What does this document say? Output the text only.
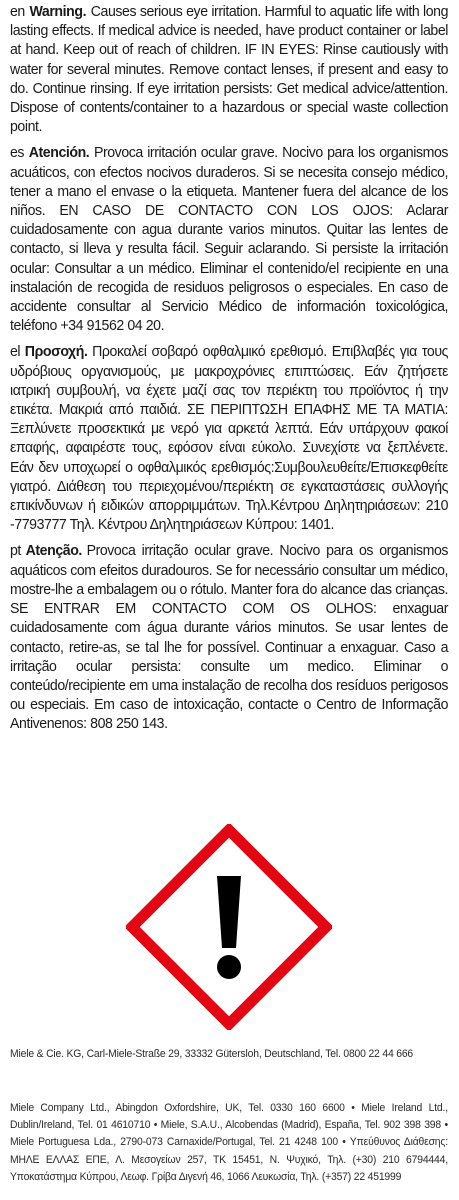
en Warning. Causes serious eye irritation. Harmful to aquatic life with long lasting effects. If medical advice is needed, have product container or label at hand. Keep out of reach of children. IF IN EYES: Rinse cautiously with water for several minutes. Remove contact lenses, if present and easy to do. Continue rinsing. If eye irritation persists: Get medical advice/attention. Dispose of contents/container to a hazardous or special waste collection point.

es Atención. Provoca irritación ocular grave. Nocivo para los organismos acuáticos, con efectos nocivos duraderos. Si se necesita consejo médico, tener a mano el envase o la etiqueta. Mantener fuera del alcance de los niños. EN CASO DE CONTACTO CON LOS OJOS: Aclarar cuidadosamente con agua durante varios minutos. Quitar las lentes de contacto, si lleva y resulta fácil. Seguir aclarando. Si persiste la irritación ocular: Consultar a un médico. Eliminar el contenido/el recipiente en una instalación de recogida de residuos peligrosos o especiales. En caso de accidente consultar al Servicio Médico de información toxicológica, teléfono +34 91562 04 20.

el Προσοχή. Προκαλεί σοβαρό οφθαλμικό ερεθισμό. Επιβλαβές για τους υδρόβιους οργανισμούς, με μακροχρόνιες επιπτώσεις. Εάν ζητήσετε ιατρική συμβουλή, να έχετε μαζί σας τον περιέκτη του προϊόντος ή την ετικέτα. Μακριά από παιδιά. ΣΕ ΠΕΡΙΠΤΩΣΗ ΕΠΑΦΗΣ ΜΕ ΤΑ ΜΑΤΙΑ: Ξεπλύνετε προσεκτικά με νερό για αρκετά λεπτά. Εάν υπάρχουν φακοί επαφής, αφαιρέστε τους, εφόσον είναι εύκολο. Συνεχίστε να ξεπλένετε. Εάν δεν υποχωρεί ο οφθαλμικός ερεθισμός:Συμβουλευθείτε/Επισκεφθείτε γιατρό. Διάθεση του περιεχομένου/περιέκτη σε εγκαταστάσεις συλλογής επικίνδυνων ή ειδικών απορριμμάτων. Τηλ.Κέντρου Δηλητηριάσεων: 210 -7793777 Τηλ. Κέντρου Δηλητηριάσεων Κύπρου: 1401.

pt Atenção. Provoca irritação ocular grave. Nocivo para os organismos aquáticos com efeitos duradouros. Se for necessário consultar um médico, mostre-lhe a embalagem ou o rótulo. Manter fora do alcance das crianças. SE ENTRAR EM CONTACTO COM OS OLHOS: enxaguar cuidadosamente com água durante vários minutos. Se usar lentes de contacto, retire-as, se tal lhe for possível. Continuar a enxaguar. Caso a irritação ocular persista: consulte um medico. Eliminar o conteúdo/recipiente em uma instalação de recolha dos resíduos perigosos ou especiais. Em caso de intoxicação, contacte o Centro de Informação Antivenenos: 808 250 143.

Miele & Cie. KG, Carl-Miele-Straße 29, 33332 Gütersloh, Deutschland, Tel. 0800 22 44 666

Miele Company Ltd., Abingdon Oxfordshire, UK, Tel. 0330 160 6600 • Miele Ireland Ltd., Dublin/Ireland, Tel. 01 4610710 • Miele, S.A.U., Alcobendas (Madrid), España, Tel. 902 398 398 • Miele Portuguesa Lda., 2790-073 Carnaxide/Portugal, Tel. 21 4248 100 • Υπεύθυνος Διάθεσης: ΜΗΛΕ ΕΛΛΑΣ ΕΠΕ, Λ. Μεσογείων 257, ΤΚ 15451, Ν. Ψυχικό, Τηλ. (+30) 210 6794444, Υποκατάστημα Κύπρου, Λεωφ. Γρίβα Διγενή 46, 1066 Λευκωσία, Τηλ. (+357) 22 451999
